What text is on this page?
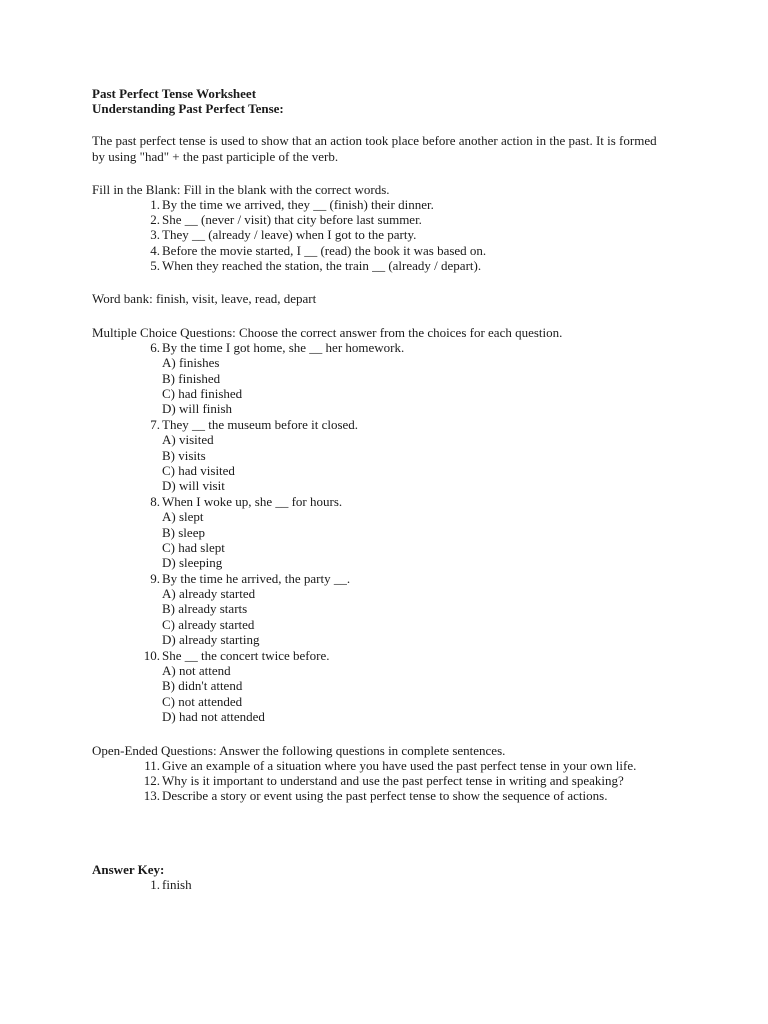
Past Perfect Tense Worksheet
Understanding Past Perfect Tense:
The past perfect tense is used to show that an action took place before another action in the past. It is formed by using "had" + the past participle of the verb.
Fill in the Blank: Fill in the blank with the correct words.
1. By the time we arrived, they __ (finish) their dinner.
2. She __ (never / visit) that city before last summer.
3. They __ (already / leave) when I got to the party.
4. Before the movie started, I __ (read) the book it was based on.
5. When they reached the station, the train __ (already / depart).
Word bank: finish, visit, leave, read, depart
Multiple Choice Questions: Choose the correct answer from the choices for each question.
6. By the time I got home, she __ her homework.
A) finishes
B) finished
C) had finished
D) will finish
7. They __ the museum before it closed.
A) visited
B) visits
C) had visited
D) will visit
8. When I woke up, she __ for hours.
A) slept
B) sleep
C) had slept
D) sleeping
9. By the time he arrived, the party __.
A) already started
B) already starts
C) already started
D) already starting
10. She __ the concert twice before.
A) not attend
B) didn't attend
C) not attended
D) had not attended
Open-Ended Questions: Answer the following questions in complete sentences.
11. Give an example of a situation where you have used the past perfect tense in your own life.
12. Why is it important to understand and use the past perfect tense in writing and speaking?
13. Describe a story or event using the past perfect tense to show the sequence of actions.
Answer Key:
1. finish
